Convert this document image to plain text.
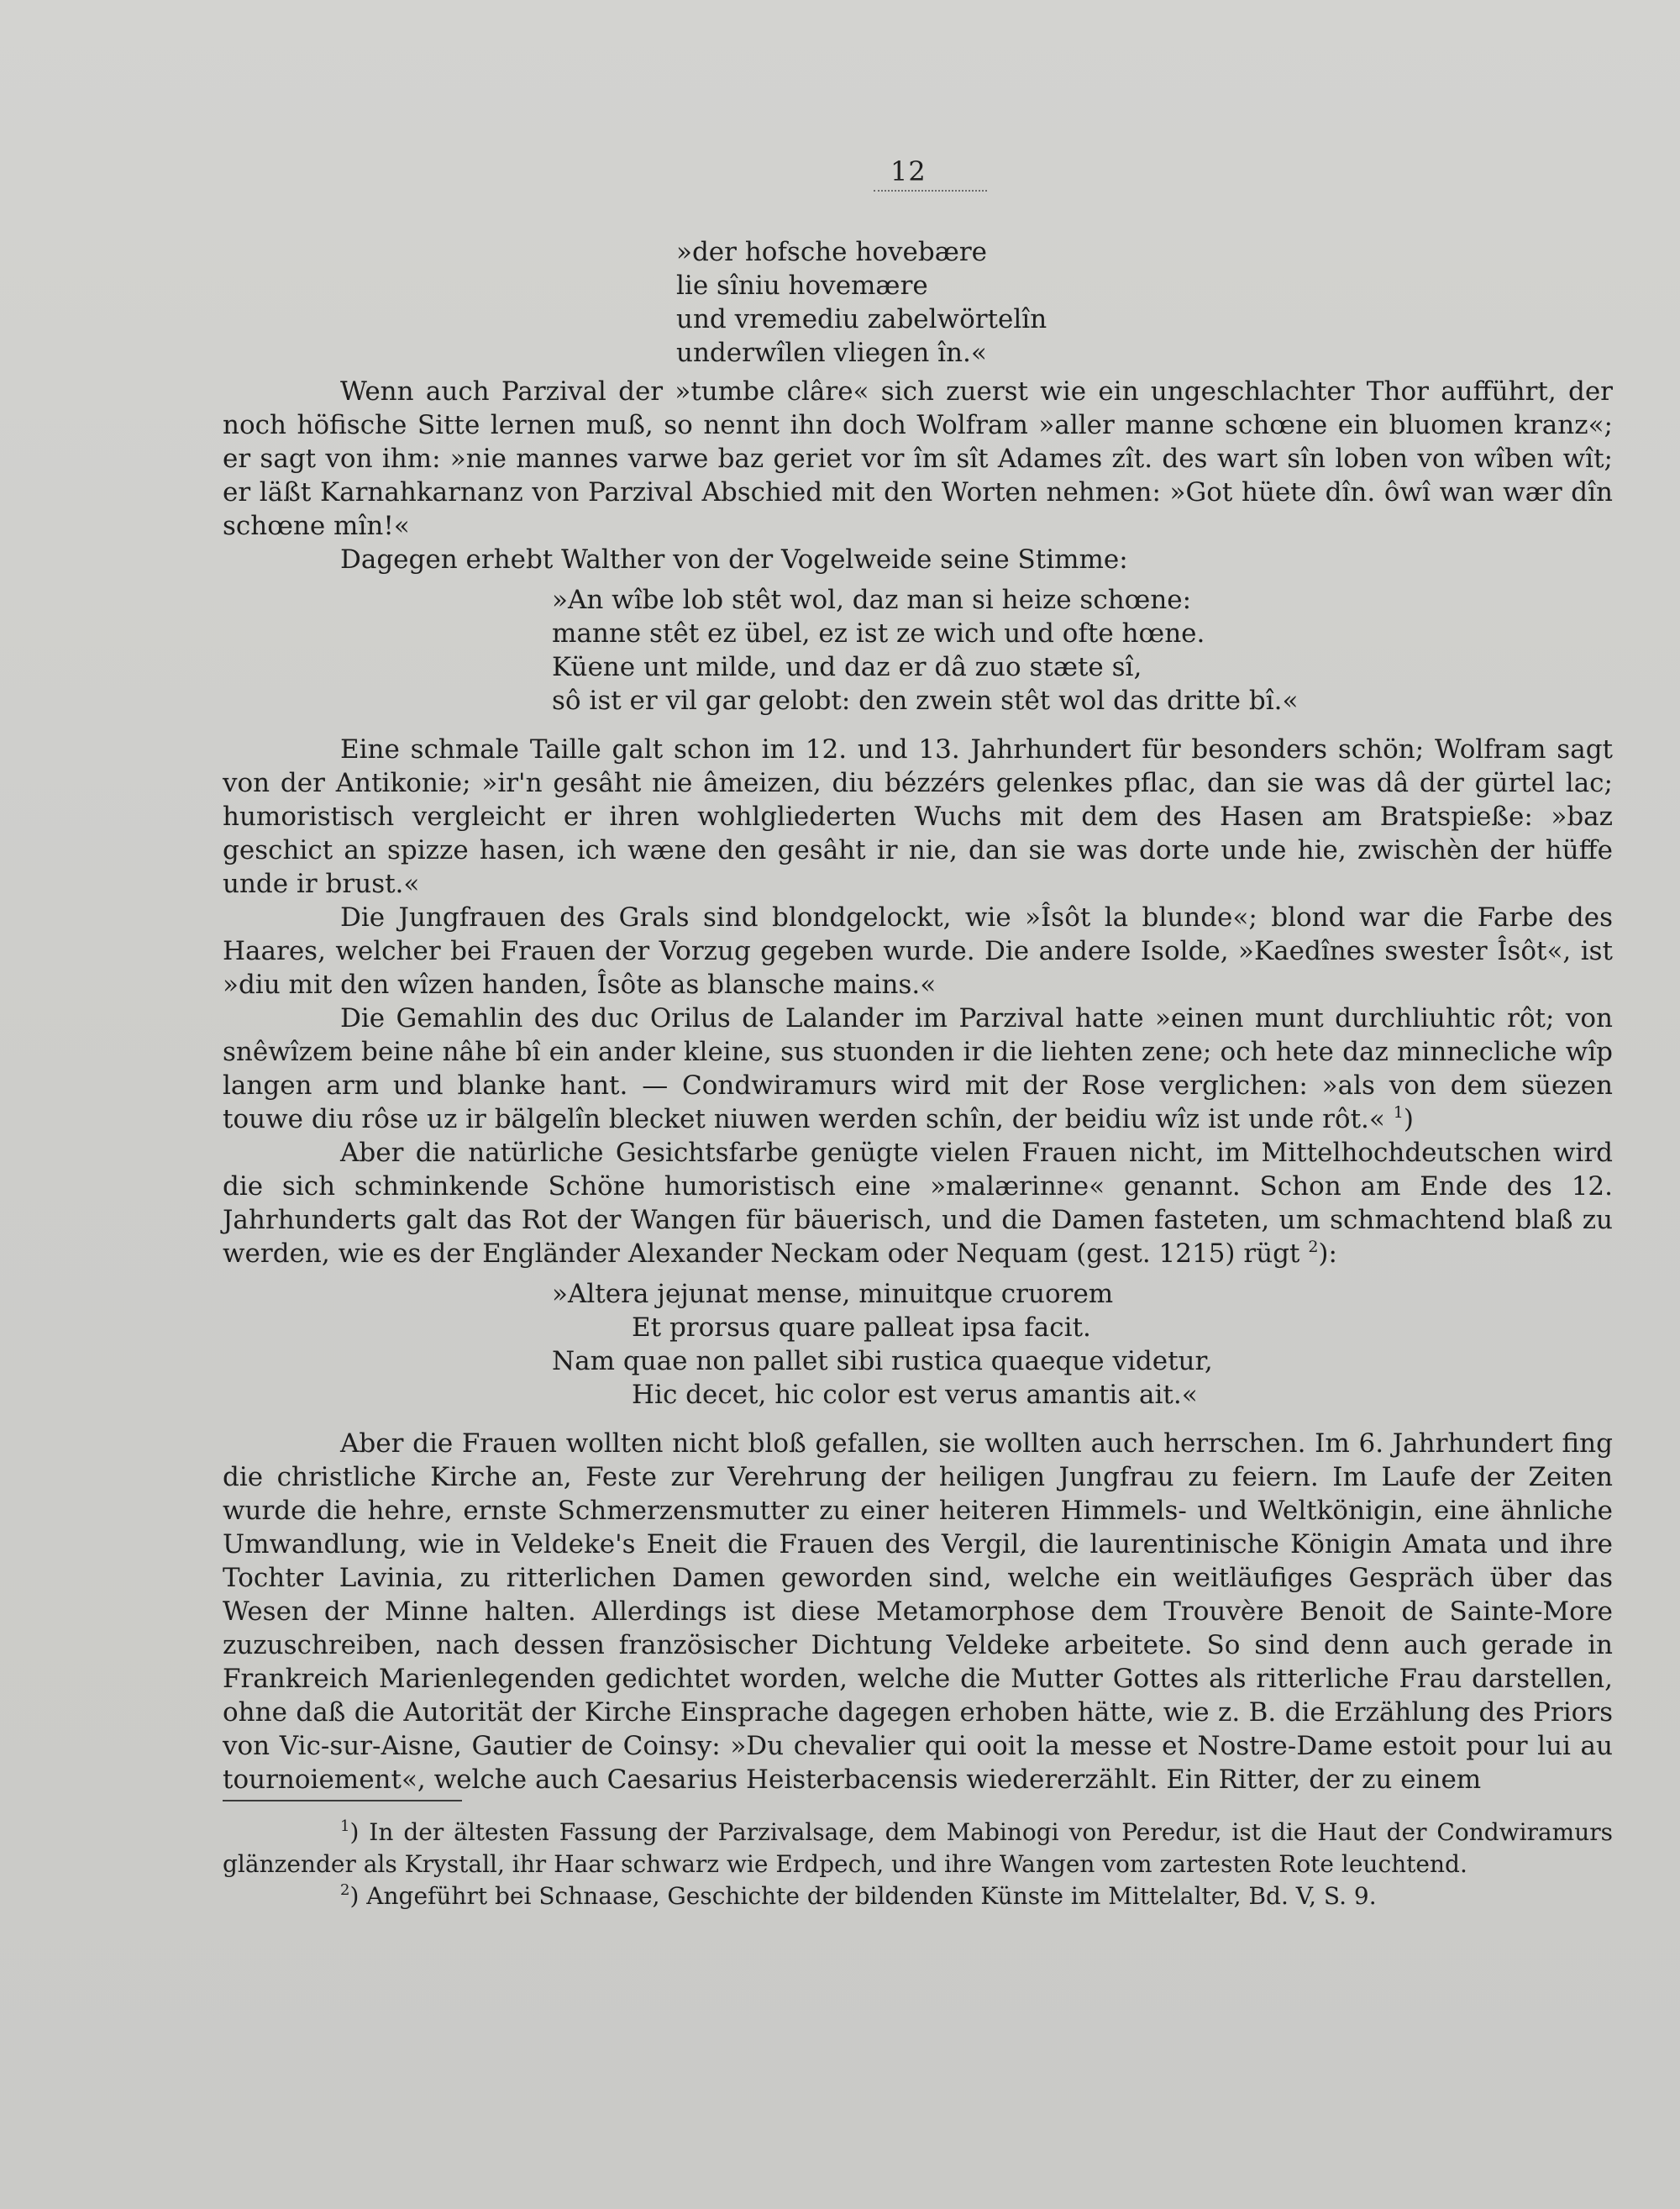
12
»der hofsche hovebære
lie sîniu hovemære
und vremediu zabelwörtelîn
underwîlen vliegen în.«

Wenn auch Parzival der »tumbe clâre« sich zuerst wie ein ungeschlachter Thor aufführt, der noch höfische Sitte lernen muß, so nennt ihn doch Wolfram »aller manne schœne ein bluomen kranz«; er sagt von ihm: »nie mannes varwe baz geriet vor îm sît Adames zît. des wart sîn loben von wîben wît; er läßt Karnahkarnanz von Parzival Abschied mit den Worten nehmen: »Got hüete dîn. ôwî wan wær dîn schœne mîn!«

Dagegen erhebt Walther von der Vogelweide seine Stimme:

»An wîbe lob stêt wol, daz man si heize schœne:
manne stêt ez übel, ez ist ze wich und ofte hœne.
Küene unt milde, und daz er dâ zuo stæte sî,
sô ist er vil gar gelobt: den zwein stêt wol das dritte bî.«

Eine schmale Taille galt schon im 12. und 13. Jahrhundert für besonders schön; Wolfram sagt von der Antikonie; »ir'n gesâht nie âmeizen, diu bézzérs gelenkes pflac, dan sie was dâ der gürtel lac; humoristisch vergleicht er ihren wohlgliederten Wuchs mit dem des Hasen am Bratspieße: »baz geschict an spizze hasen, ich wæne den gesâht ir nie, dan sie was dorte unde hie, zwischèn der hüffe unde ir brust.«

Die Jungfrauen des Grals sind blondgelockt, wie »Îsôt la blunde«; blond war die Farbe des Haares, welcher bei Frauen der Vorzug gegeben wurde. Die andere Isolde, »Kaedînes swester Îsôt«, ist »diu mit den wîzen handen, Îsôte as blansche mains.«

Die Gemahlin des duc Orilus de Lalander im Parzival hatte »einen munt durchliuhtic rôt; von snêwîzem beine nâhe bî ein ander kleine, sus stuonden ir die liehten zene; och hete daz minnecliche wîp langen arm und blanke hant. — Condwiramurs wird mit der Rose verglichen: »als von dem süezen touwe diu rôse uz ir bälgelîn blecket niuwen werden schîn, der beidiu wîz ist unde rôt.« $^1$)

Aber die natürliche Gesichtsfarbe genügte vielen Frauen nicht, im Mittelhochdeutschen wird die sich schminkende Schöne humoristisch eine »malærinne« genannt. Schon am Ende des 12. Jahrhunderts galt das Rot der Wangen für bäuerisch, und die Damen fasteten, um schmachtend blaß zu werden, wie es der Engländer Alexander Neckam oder Nequam (gest. 1215) rügt $^2$):

»Altera jejunat mense, minuitque cruorem
Et prorsus quare palleat ipsa facit.
Nam quae non pallet sibi rustica quaeque videtur,
Hic decet, hic color est verus amantis ait.«

Aber die Frauen wollten nicht bloß gefallen, sie wollten auch herrschen. Im 6. Jahrhundert fing die christliche Kirche an, Feste zur Verehrung der heiligen Jungfrau zu feiern. Im Laufe der Zeiten wurde die hehre, ernste Schmerzensmutter zu einer heiteren Himmels- und Weltkönigin, eine ähnliche Umwandlung, wie in Veldeke's Eneit die Frauen des Vergil, die laurentinische Königin Amata und ihre Tochter Lavinia, zu ritterlichen Damen geworden sind, welche ein weitläufiges Gespräch über das Wesen der Minne halten. Allerdings ist diese Metamorphose dem Trouvère Benoit de Sainte-More zuzuschreiben, nach dessen französischer Dichtung Veldeke arbeitete. So sind denn auch gerade in Frankreich Marienlegenden gedichtet worden, welche die Mutter Gottes als ritterliche Frau darstellen, ohne daß die Autorität der Kirche Einsprache dagegen erhoben hätte, wie z. B. die Erzählung des Priors von Vic-sur-Aisne, Gautier de Coinsy: »Du chevalier qui ooit la messe et Nostre-Dame estoit pour lui au tournoiement«, welche auch Caesarius Heisterbacensis wiedererzählt. Ein Ritter, der zu einem

$^1$) In der ältesten Fassung der Parzivalsage, dem Mabinogi von Peredur, ist die Haut der Condwiramurs glänzender als Krystall, ihr Haar schwarz wie Erdpech, und ihre Wangen vom zartesten Rote leuchtend.

$^2$) Angeführt bei Schnaase, Geschichte der bildenden Künste im Mittelalter, Bd. V, S. 9.
